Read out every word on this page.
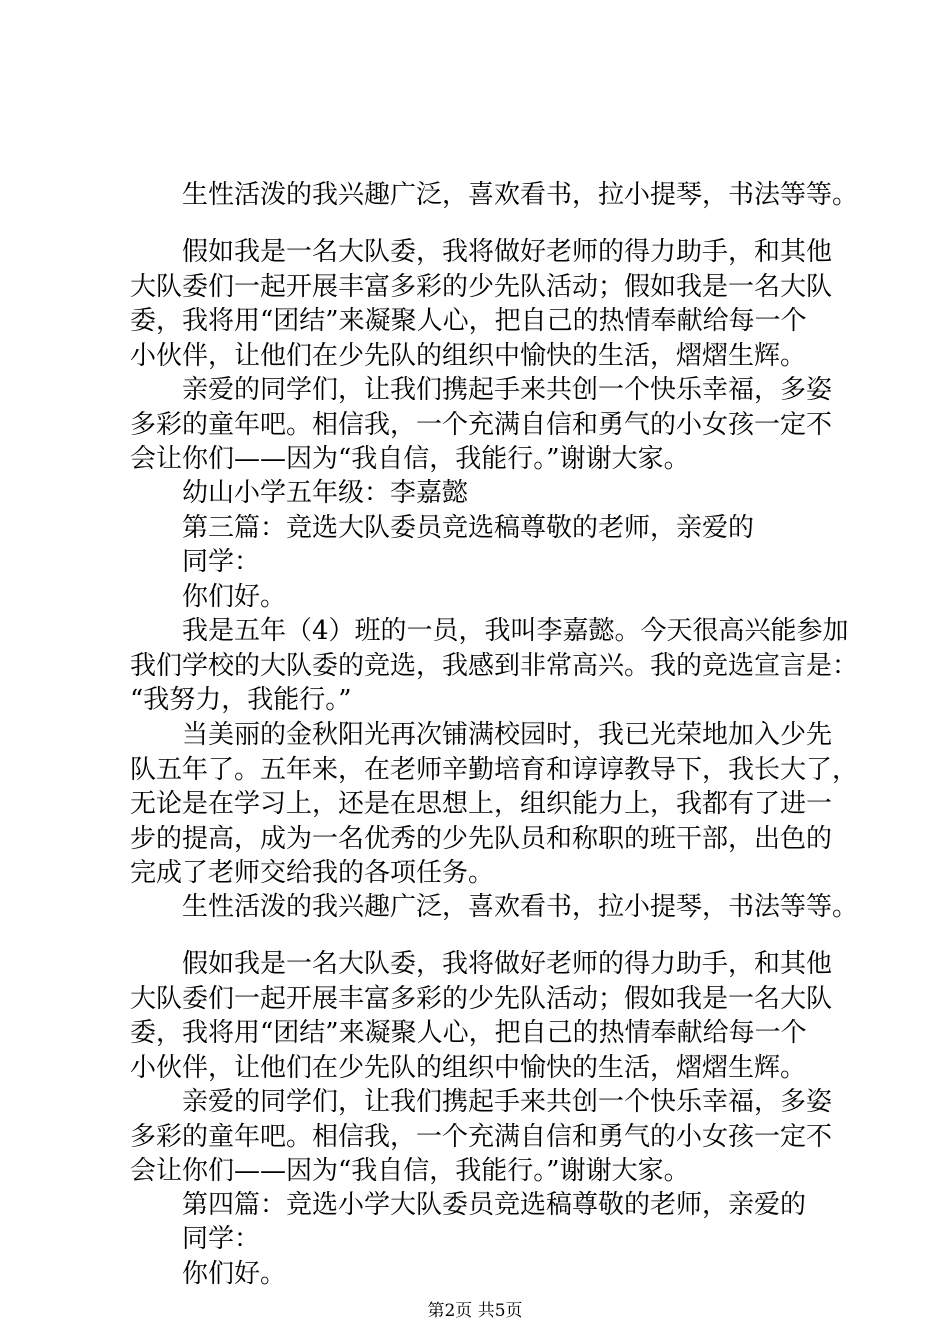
生性活泼的我兴趣广泛，喜欢看书，拉小提琴，书法等等。
假如我是一名大队委，我将做好老师的得力助手，和其他
大队委们一起开展丰富多彩的少先队活动；假如我是一名大队
委，我将用“团结”来凝聚人心，把自己的热情奉献给每一个
小伙伴，让他们在少先队的组织中愉快的生活，熠熠生辉。
亲爱的同学们，让我们携起手来共创一个快乐幸福，多姿
多彩的童年吧。相信我，一个充满自信和勇气的小女孩一定不
会让你们——因为“我自信，我能行。”谢谢大家。
幼山小学五年级：李嘉懿
第三篇：竞选大队委员竞选稿尊敬的老师，亲爱的
同学：
你们好。
我是五年（4）班的一员，我叫李嘉懿。今天很高兴能参加
我们学校的大队委的竞选，我感到非常高兴。我的竞选宣言是：
“我努力，我能行。”
当美丽的金秋阳光再次铺满校园时，我已光荣地加入少先
队五年了。五年来，在老师辛勤培育和谆谆教导下，我长大了，
无论是在学习上，还是在思想上，组织能力上，我都有了进一
步的提高，成为一名优秀的少先队员和称职的班干部，出色的
完成了老师交给我的各项任务。
生性活泼的我兴趣广泛，喜欢看书，拉小提琴，书法等等。
假如我是一名大队委，我将做好老师的得力助手，和其他
大队委们一起开展丰富多彩的少先队活动；假如我是一名大队
委，我将用“团结”来凝聚人心，把自己的热情奉献给每一个
小伙伴，让他们在少先队的组织中愉快的生活，熠熠生辉。
亲爱的同学们，让我们携起手来共创一个快乐幸福，多姿
多彩的童年吧。相信我，一个充满自信和勇气的小女孩一定不
会让你们——因为“我自信，我能行。”谢谢大家。
第四篇：竞选小学大队委员竞选稿尊敬的老师，亲爱的
同学：
你们好。
第2页 共5页
